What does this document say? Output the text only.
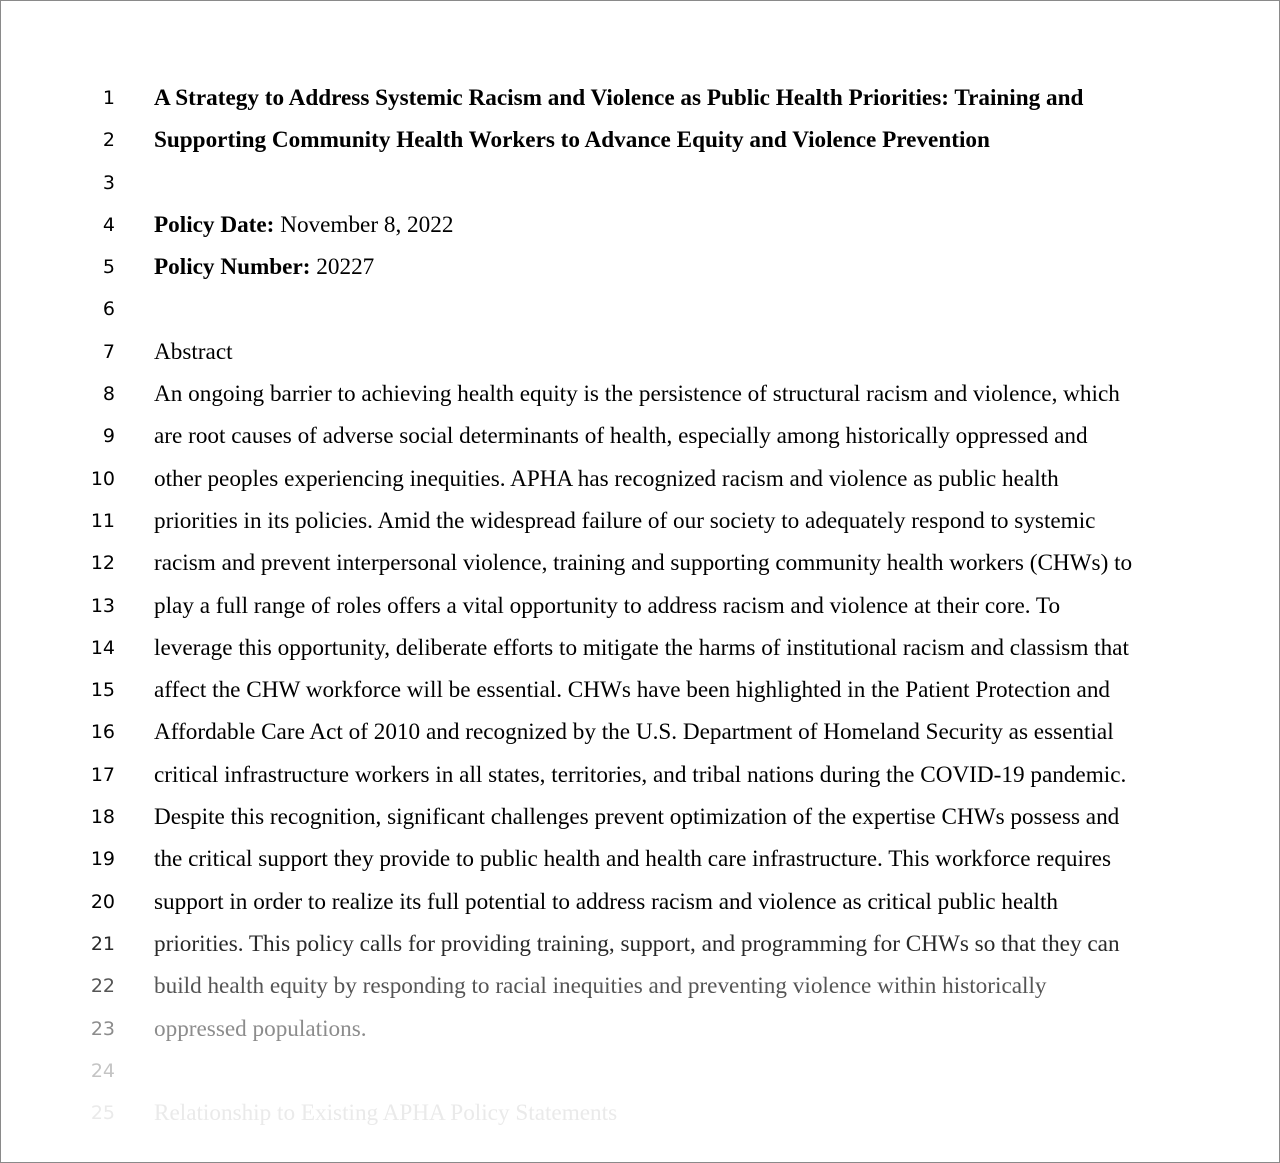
1 A Strategy to Address Systemic Racism and Violence as Public Health Priorities: Training and
2 Supporting Community Health Workers to Advance Equity and Violence Prevention
3
4 Policy Date: November 8, 2022
5 Policy Number: 20227
6
7 Abstract
8 An ongoing barrier to achieving health equity is the persistence of structural racism and violence, which
9 are root causes of adverse social determinants of health, especially among historically oppressed and
10 other peoples experiencing inequities. APHA has recognized racism and violence as public health
11 priorities in its policies. Amid the widespread failure of our society to adequately respond to systemic
12 racism and prevent interpersonal violence, training and supporting community health workers (CHWs) to
13 play a full range of roles offers a vital opportunity to address racism and violence at their core. To
14 leverage this opportunity, deliberate efforts to mitigate the harms of institutional racism and classism that
15 affect the CHW workforce will be essential. CHWs have been highlighted in the Patient Protection and
16 Affordable Care Act of 2010 and recognized by the U.S. Department of Homeland Security as essential
17 critical infrastructure workers in all states, territories, and tribal nations during the COVID-19 pandemic.
18 Despite this recognition, significant challenges prevent optimization of the expertise CHWs possess and
19 the critical support they provide to public health and health care infrastructure. This workforce requires
20 support in order to realize its full potential to address racism and violence as critical public health
21 priorities. This policy calls for providing training, support, and programming for CHWs so that they can
22 build health equity by responding to racial inequities and preventing violence within historically
23 oppressed populations.
24
25 Relationship to Existing APHA Policy Statements
